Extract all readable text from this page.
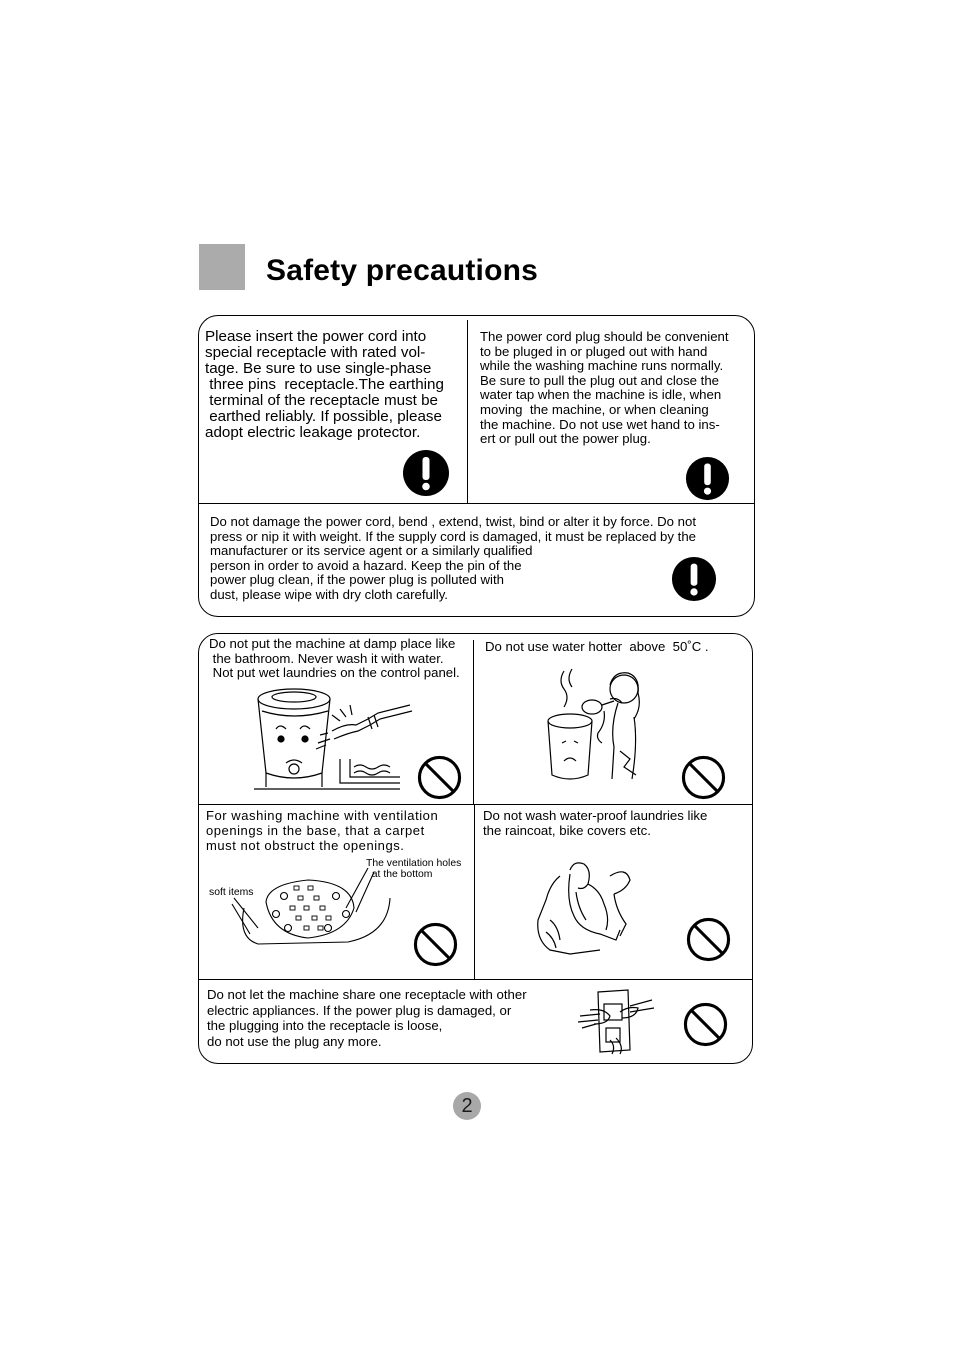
Safety precautions
Please insert the power cord into
special receptacle with rated vol-
tage. Be sure to use single-phase
three pins  receptacle.The earthing
terminal of the receptacle must be
earthed reliably. If possible, please
adopt electric leakage protector.
The power cord plug should be convenient
to be pluged in or pluged out with hand
while the washing machine runs normally.
Be sure to pull the plug out and close the
water tap when the machine is idle, when
moving  the machine, or when cleaning
the machine. Do not use wet hand to ins-
ert or pull out the power plug.
Do not damage the power cord, bend , extend, twist, bind or alter it by force. Do not
press or nip it with weight. If the supply cord is damaged, it must be replaced by the
manufacturer or its service agent or a similarly qualified
person in order to avoid a hazard. Keep the pin of the
power plug clean, if the power plug is polluted with
dust, please wipe with dry cloth carefully.
Do not put the machine at damp place like
the bathroom. Never wash it with water.
Not put wet laundries on the control panel.
Do not use water hotter  above  50˚C .
For washing machine with ventilation
openings in the base, that a carpet
must not obstruct the openings.
The ventilation holes
at the bottom
soft items
Do not wash water-proof laundries like
the raincoat, bike covers etc.
Do not let the machine share one receptacle with other
electric appliances. If the power plug is damaged, or
the plugging into the receptacle is loose,
do not use the plug any more.
2
